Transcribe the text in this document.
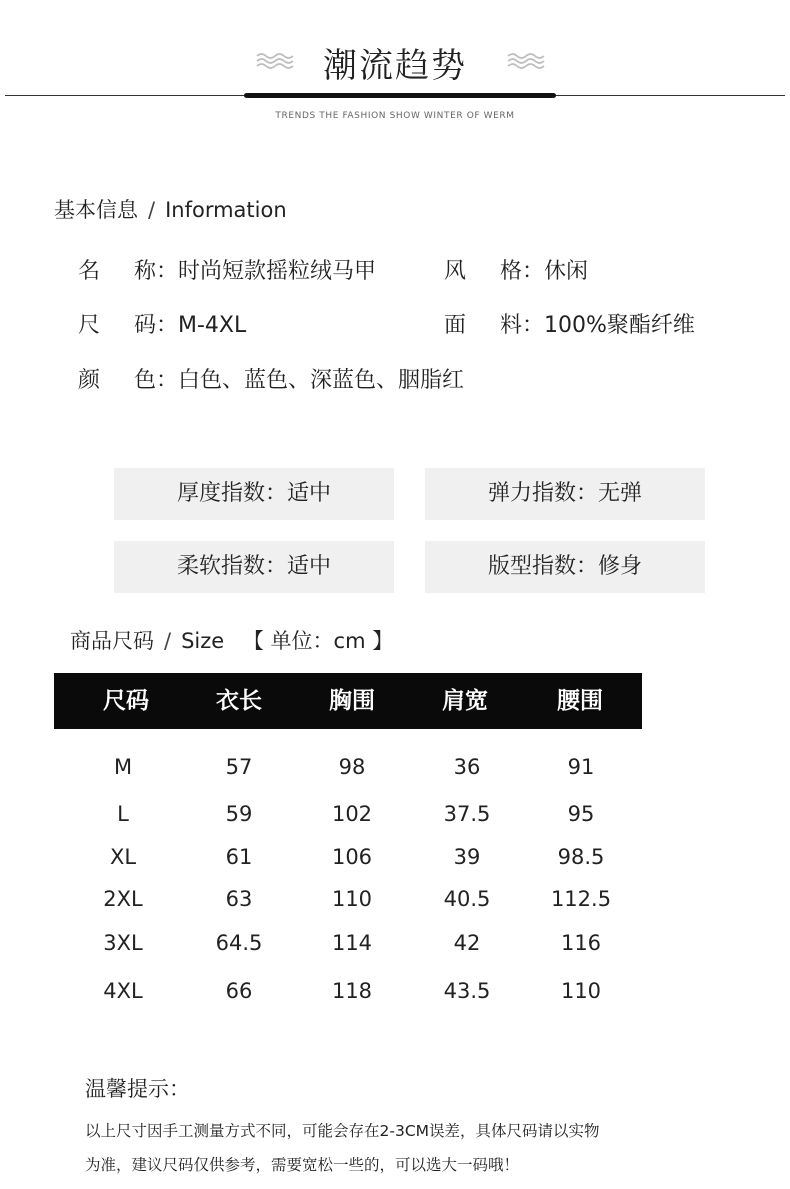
潮流趋势
TRENDS THE FASHION SHOW WINTER OF WERM
基本信息 / Information
名 称：时尚短款摇粒绒马甲	风 格：休闲
尺 码：M-4XL	面 料：100%聚酯纤维
颜 色：白色、蓝色、深蓝色、胭脂红
厚度指数：适中	弹力指数：无弹
柔软指数：适中	版型指数：修身
商品尺码 / Size 【 单位：cm 】
尺码	衣长	胸围	肩宽	腰围
M	57	98	36	91
L	59	102	37.5	95
XL	61	106	39	98.5
2XL	63	110	40.5	112.5
3XL	64.5	114	42	116
4XL	66	118	43.5	110
温馨提示：
以上尺寸因手工测量方式不同，可能会存在2-3CM误差，具体尺码请以实物
为准，建议尺码仅供参考，需要宽松一些的，可以选大一码哦！
